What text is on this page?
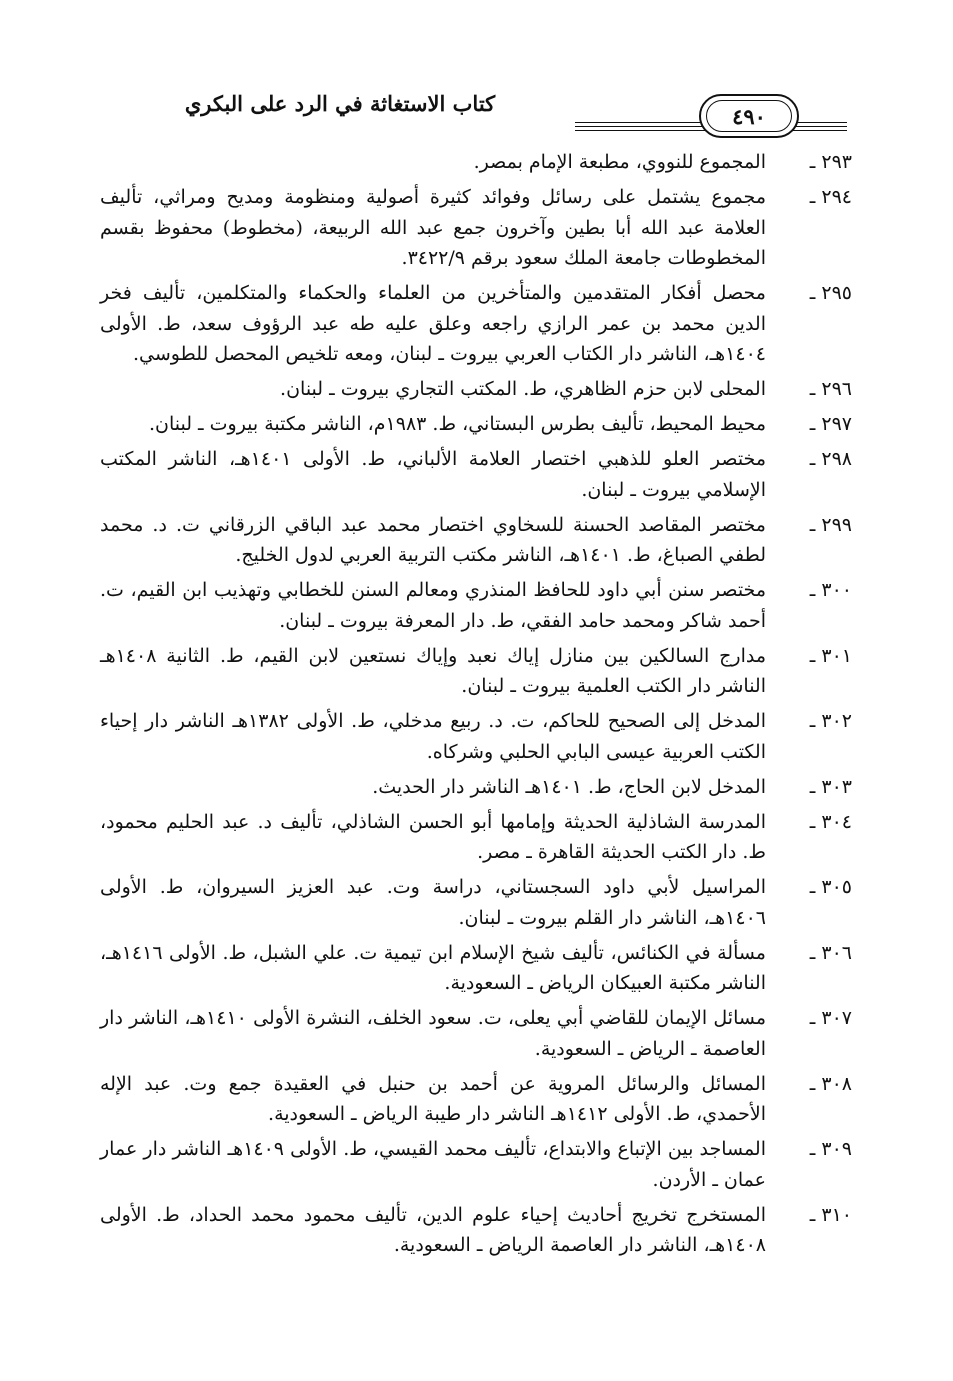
كتاب الاستغاثة في الرد على البكري	٤٩٠
٢٩٣ ـ
المجموع للنووي، مطبعة الإمام بمصر.
٢٩٤ ـ
مجموع يشتمل على رسائل وفوائد كثيرة أصولية ومنظومة ومديح ومراثي، تأليف العلامة عبد الله أبا بطين وآخرون جمع عبد الله الربيعة، (مخطوط) محفوظ بقسم المخطوطات جامعة الملك سعود برقم ٣٤٢٢/٩.
٢٩٥ ـ
محصل أفكار المتقدمين والمتأخرين من العلماء والحكماء والمتكلمين، تأليف فخر الدين محمد بن عمر الرازي راجعه وعلق عليه طه عبد الرؤوف سعد، ط. الأولى ١٤٠٤هـ، الناشر دار الكتاب العربي بيروت ـ لبنان، ومعه تلخيص المحصل للطوسي.
٢٩٦ ـ
المحلى لابن حزم الظاهري، ط. المكتب التجاري بيروت ـ لبنان.
٢٩٧ ـ
محيط المحيط، تأليف بطرس البستاني، ط. ١٩٨٣م، الناشر مكتبة بيروت ـ لبنان.
٢٩٨ ـ
مختصر العلو للذهبي اختصار العلامة الألباني، ط. الأولى ١٤٠١هـ، الناشر المكتب الإسلامي بيروت ـ لبنان.
٢٩٩ ـ
مختصر المقاصد الحسنة للسخاوي اختصار محمد عبد الباقي الزرقاني ت. د. محمد لطفي الصباغ، ط. ١٤٠١هـ، الناشر مكتب التربية العربي لدول الخليج.
٣٠٠ ـ
مختصر سنن أبي داود للحافظ المنذري ومعالم السنن للخطابي وتهذيب ابن القيم، ت. أحمد شاكر ومحمد حامد الفقي، ط. دار المعرفة بيروت ـ لبنان.
٣٠١ ـ
مدارج السالكين بين منازل إياك نعبد وإياك نستعين لابن القيم، ط. الثانية ١٤٠٨هـ الناشر دار الكتب العلمية بيروت ـ لبنان.
٣٠٢ ـ
المدخل إلى الصحيح للحاكم، ت. د. ربيع مدخلي، ط. الأولى ١٣٨٢هـ الناشر دار إحياء الكتب العربية عيسى البابي الحلبي وشركاه.
٣٠٣ ـ
المدخل لابن الحاج، ط. ١٤٠١هـ الناشر دار الحديث.
٣٠٤ ـ
المدرسة الشاذلية الحديثة وإمامها أبو الحسن الشاذلي، تأليف د. عبد الحليم محمود، ط. دار الكتب الحديثة القاهرة ـ مصر.
٣٠٥ ـ
المراسيل لأبي داود السجستاني، دراسة وت. عبد العزيز السيروان، ط. الأولى ١٤٠٦هـ، الناشر دار القلم بيروت ـ لبنان.
٣٠٦ ـ
مسألة في الكنائس، تأليف شيخ الإسلام ابن تيمية ت. علي الشبل، ط. الأولى ١٤١٦هـ، الناشر مكتبة العبيكان الرياض ـ السعودية.
٣٠٧ ـ
مسائل الإيمان للقاضي أبي يعلى، ت. سعود الخلف، النشرة الأولى ١٤١٠هـ، الناشر دار العاصمة ـ الرياض ـ السعودية.
٣٠٨ ـ
المسائل والرسائل المروية عن أحمد بن حنبل في العقيدة جمع وت. عبد الإله الأحمدي، ط. الأولى ١٤١٢هـ الناشر دار طيبة الرياض ـ السعودية.
٣٠٩ ـ
المساجد بين الإتباع والابتداع، تأليف محمد القيسي، ط. الأولى ١٤٠٩هـ الناشر دار عمار عمان ـ الأردن.
٣١٠ ـ
المستخرج تخريج أحاديث إحياء علوم الدين، تأليف محمود محمد الحداد، ط. الأولى ١٤٠٨هـ، الناشر دار العاصمة الرياض ـ السعودية.
